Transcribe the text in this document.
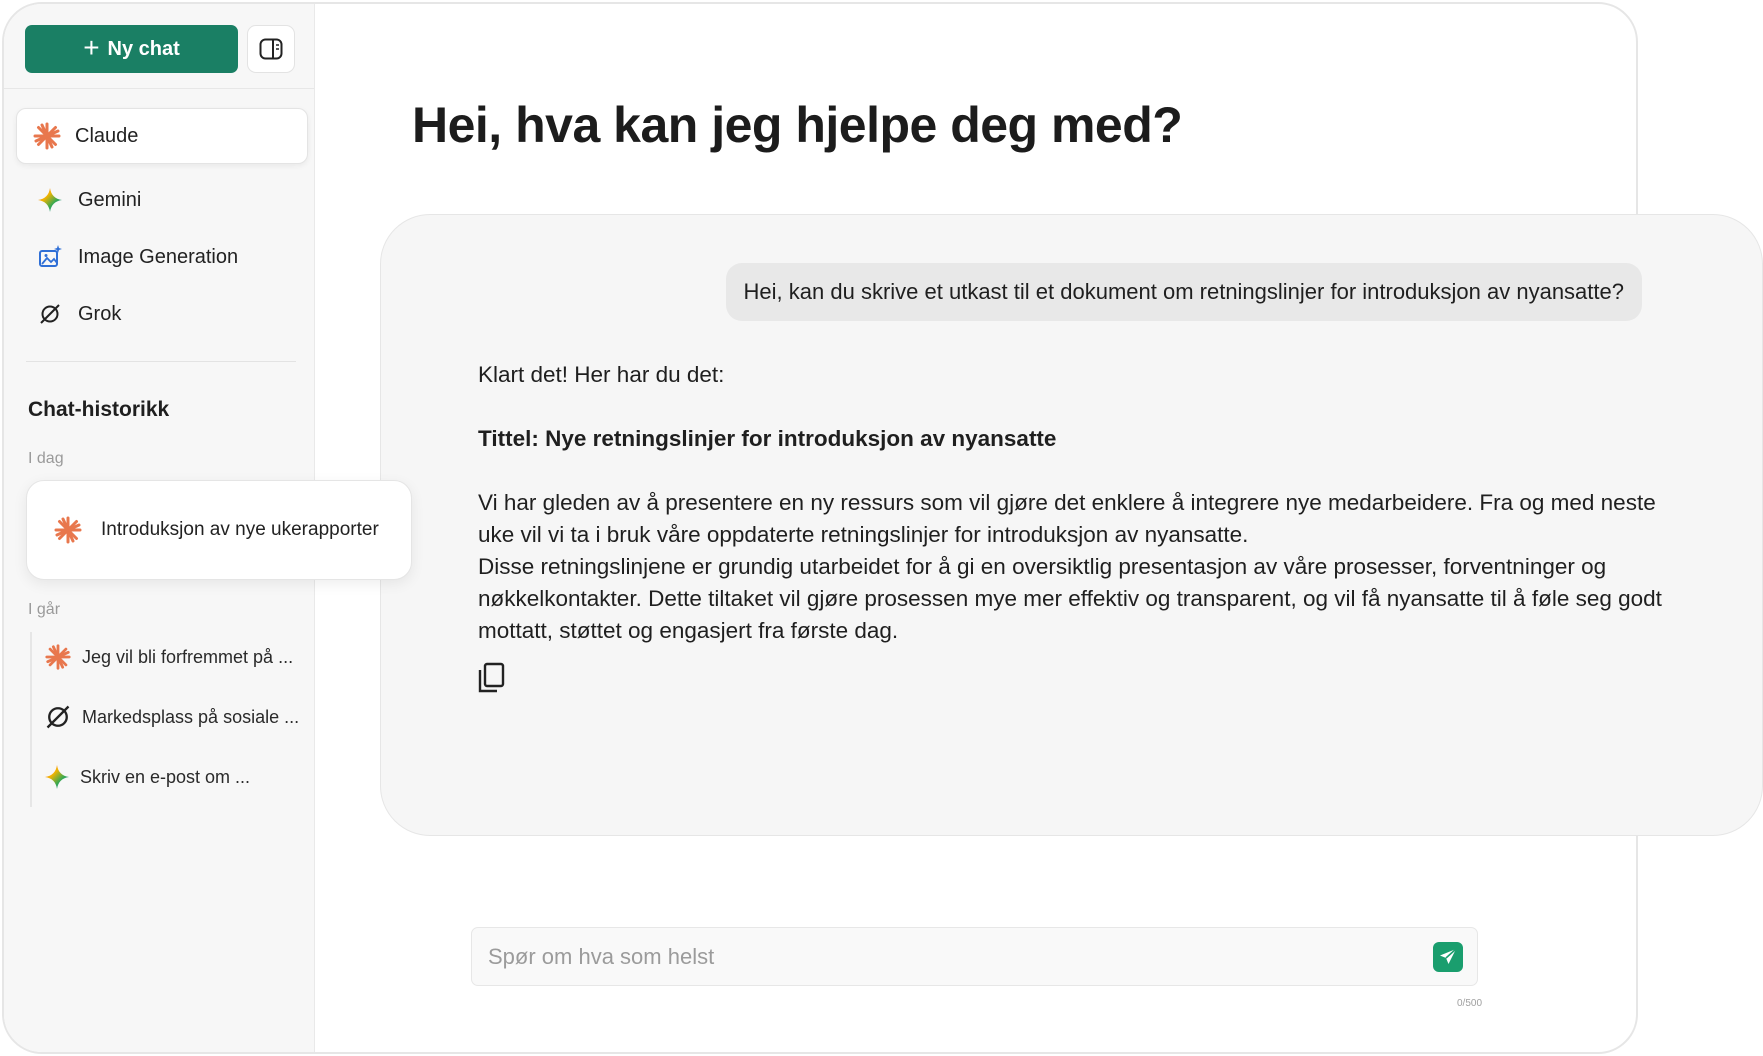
+ Ny chat
Claude
Gemini
Image Generation
Grok
Chat-historikk
I dag
I går
Jeg vil bli forfremmet på ...
Markedsplass på sosiale ...
Skriv en e-post om ...
Introduksjon av nye ukerapporter
Hei, hva kan jeg hjelpe deg med?
Spør om hva som helst
0/500
Hei, kan du skrive et utkast til et dokument om retningslinjer for introduksjon av nyansatte?

Klart det! Her har du det:

Tittel: Nye retningslinjer for introduksjon av nyansatte

Vi har gleden av å presentere en ny ressurs som vil gjøre det enklere å integrere nye medarbeidere. Fra og med neste uke vil vi ta i bruk våre oppdaterte retningslinjer for introduksjon av nyansatte.

Disse retningslinjene er grundig utarbeidet for å gi en oversiktlig presentasjon av våre prosesser, forventninger og nøkkelkontakter. Dette tiltaket vil gjøre prosessen mye mer effektiv og transparent, og vil få nyansatte til å føle seg godt mottatt, støttet og engasjert fra første dag.
